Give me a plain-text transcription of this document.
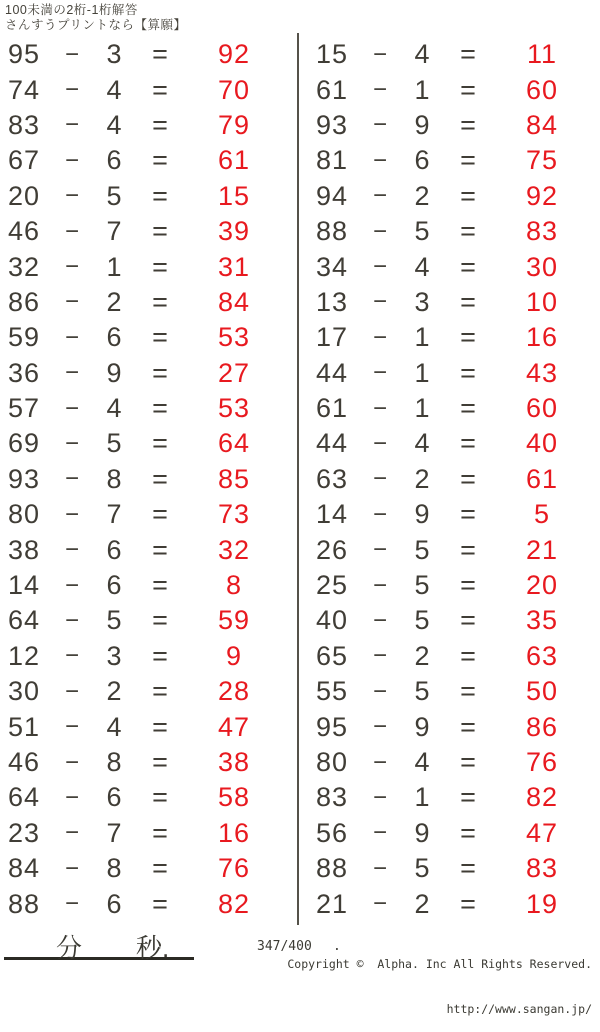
100未満の2桁-1桁解答
さんすうプリントなら【算願】
95	−	3	=	92
74	−	4	=	70
83	−	4	=	79
67	−	6	=	61
20	−	5	=	15
46	−	7	=	39
32	−	1	=	31
86	−	2	=	84
59	−	6	=	53
36	−	9	=	27
57	−	4	=	53
69	−	5	=	64
93	−	8	=	85
80	−	7	=	73
38	−	6	=	32
14	−	6	=	8
64	−	5	=	59
12	−	3	=	9
30	−	2	=	28
51	−	4	=	47
46	−	8	=	38
64	−	6	=	58
23	−	7	=	16
84	−	8	=	76
88	−	6	=	82
15	−	4	=	11
61	−	1	=	60
93	−	9	=	84
81	−	6	=	75
94	−	2	=	92
88	−	5	=	83
34	−	4	=	30
13	−	3	=	10
17	−	1	=	16
44	−	1	=	43
61	−	1	=	60
44	−	4	=	40
63	−	2	=	61
14	−	9	=	5
26	−	5	=	21
25	−	5	=	20
40	−	5	=	35
65	−	2	=	63
55	−	5	=	50
95	−	9	=	86
80	−	4	=	76
83	−	1	=	82
56	−	9	=	47
88	−	5	=	83
21	−	2	=	19
分 秒.	347/400 .

Copyright ©  Alpha. Inc All Rights Reserved.

http://www.sangan.jp/
